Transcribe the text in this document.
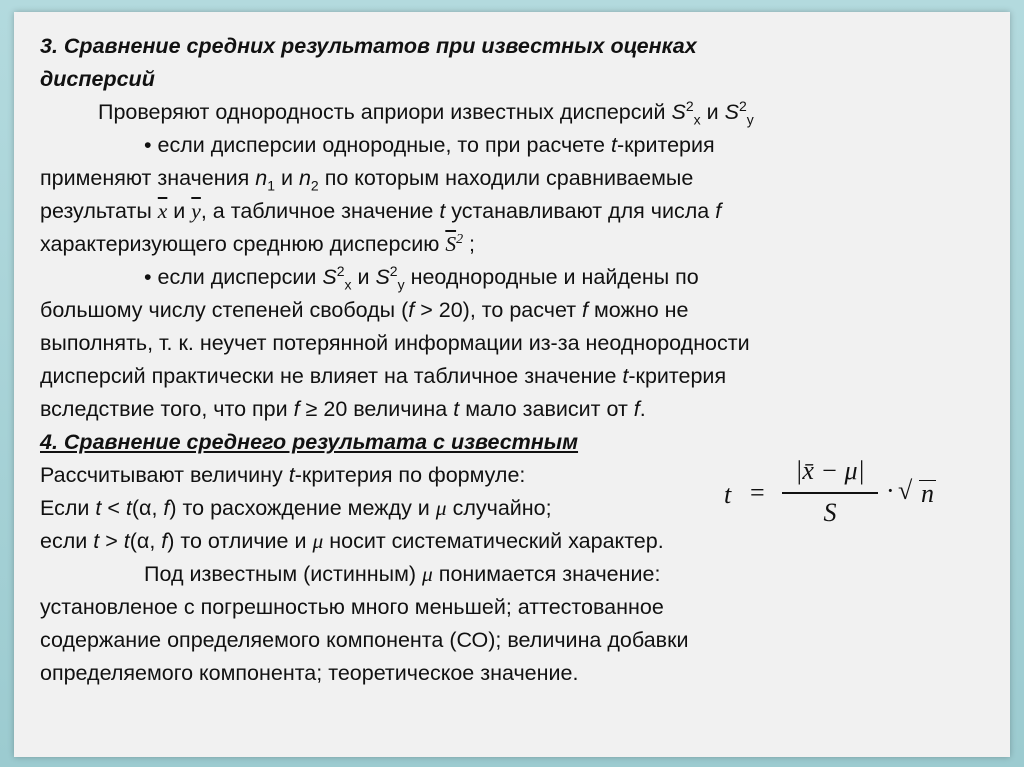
3. Сравнение средних результатов при известных оценках
дисперсий
Проверяют однородность априори известных дисперсий $S^2_x$ и $S^2_y$
• если дисперсии однородные, то при расчете t-критерия
применяют значения $n_1$ и $n_2$ по которым находили сравниваемые
результаты $\overline{x}$ и $\overline{y}$, а табличное значение t устанавливают для числа f
характеризующего среднюю дисперсию $\overline{S}^2$ ;
• если дисперсии $S^2_x$ и $S^2_y$ неоднородные и найдены по
большому числу степеней свободы (f > 20), то расчет f можно не
выполнять, т. к. неучет потерянной информации из-за неоднородности
дисперсий практически не влияет на табличное значение t-критерия
вследствие того, что при f ≥ 20 величина t мало зависит от f.
4. Сравнение среднего результата с известным
Рассчитывают величину t-критерия по формуле:
Если t < t(α, f) то расхождение между и μ случайно;
если t > t(α, f) то отличие и μ носит систематический характер.
Под известным (истинным) μ понимается значение:
установленое с погрешностью много меньшей; аттестованное
содержание определяемого компонента (СО); величина добавки
определяемого компонента; теоретическое значение.
t =
|x̄ − μ|
S
· √ n
